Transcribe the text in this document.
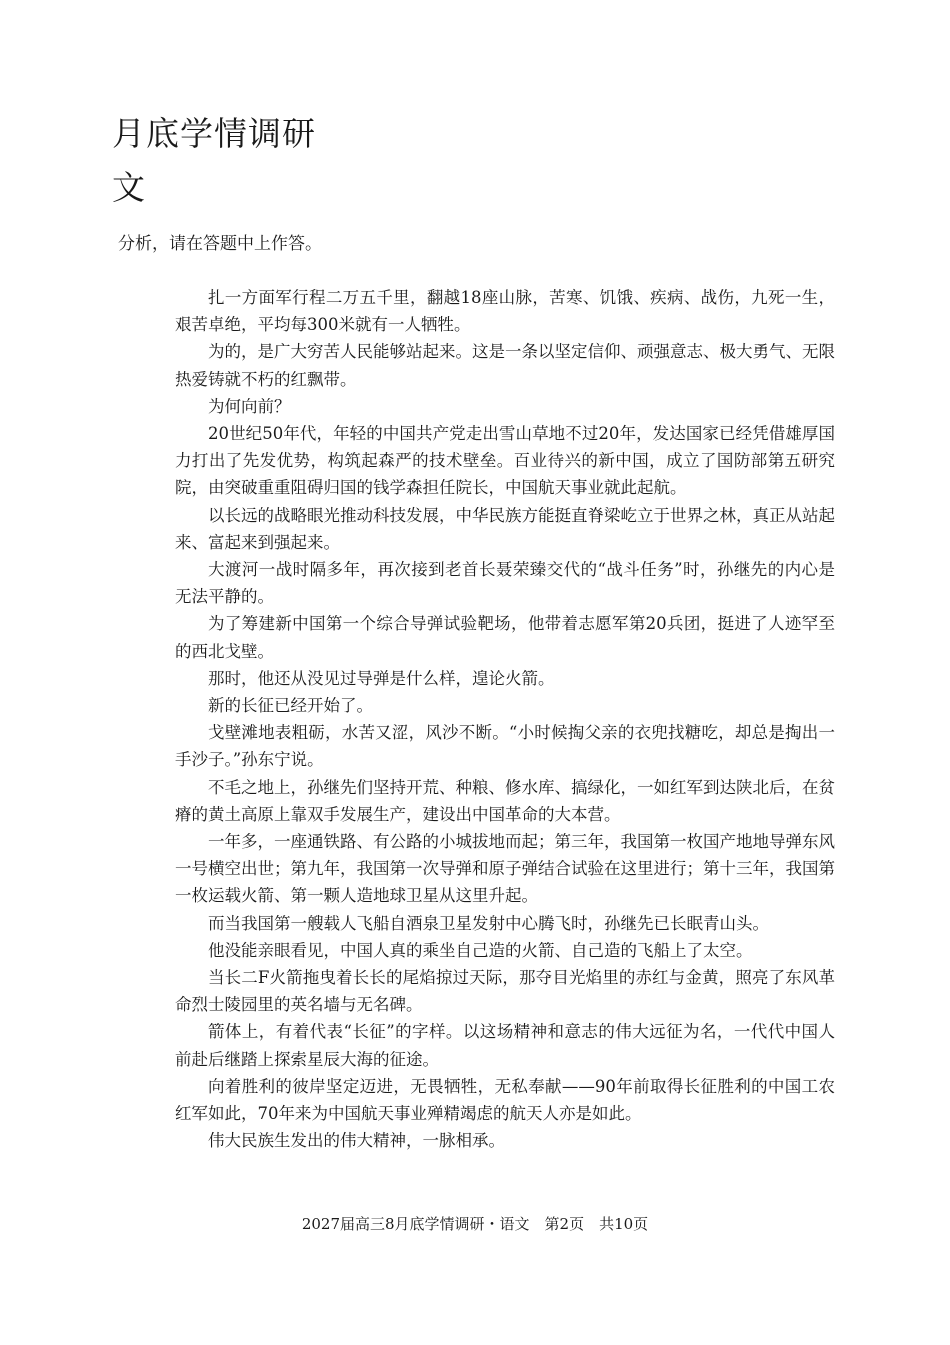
月底学情调研
文
分析，请在答题中上作答。

扎一方面军行程二万五千里，翻越18座山脉，苦寒、饥饿、疾病、战伤，九死一生，艰苦卓绝，平均每300米就有一人牺牲。

为的，是广大穷苦人民能够站起来。这是一条以坚定信仰、顽强意志、极大勇气、无限热爱铸就不朽的红飘带。

为何向前？

20世纪50年代，年轻的中国共产党走出雪山草地不过20年，发达国家已经凭借雄厚国力打出了先发优势，构筑起森严的技术壁垒。百业待兴的新中国，成立了国防部第五研究院，由突破重重阻碍归国的钱学森担任院长，中国航天事业就此起航。

以长远的战略眼光推动科技发展，中华民族方能挺直脊梁屹立于世界之林，真正从站起来、富起来到强起来。

大渡河一战时隔多年，再次接到老首长聂荣臻交代的“战斗任务”时，孙继先的内心是无法平静的。

为了筹建新中国第一个综合导弹试验靶场，他带着志愿军第20兵团，挺进了人迹罕至的西北戈壁。

那时，他还从没见过导弹是什么样，遑论火箭。

新的长征已经开始了。

戈壁滩地表粗砺，水苦又涩，风沙不断。“小时候掏父亲的衣兜找糖吃，却总是掏出一手沙子。”孙东宁说。

不毛之地上，孙继先们坚持开荒、种粮、修水库、搞绿化，一如红军到达陕北后，在贫瘠的黄土高原上靠双手发展生产，建设出中国革命的大本营。

一年多，一座通铁路、有公路的小城拔地而起；第三年，我国第一枚国产地地导弹东风一号横空出世；第九年，我国第一次导弹和原子弹结合试验在这里进行；第十三年，我国第一枚运载火箭、第一颗人造地球卫星从这里升起。

而当我国第一艘载人飞船自酒泉卫星发射中心腾飞时，孙继先已长眠青山头。

他没能亲眼看见，中国人真的乘坐自己造的火箭、自己造的飞船上了太空。

当长二F火箭拖曳着长长的尾焰掠过天际，那夺目光焰里的赤红与金黄，照亮了东风革命烈士陵园里的英名墙与无名碑。

箭体上，有着代表“长征”的字样。以这场精神和意志的伟大远征为名，一代代中国人前赴后继踏上探索星辰大海的征途。

向着胜利的彼岸坚定迈进，无畏牺牲，无私奉献——90年前取得长征胜利的中国工农红军如此，70年来为中国航天事业殚精竭虑的航天人亦是如此。

伟大民族生发出的伟大精神，一脉相承。

2027届高三8月底学情调研・语文　第2页　共10页
